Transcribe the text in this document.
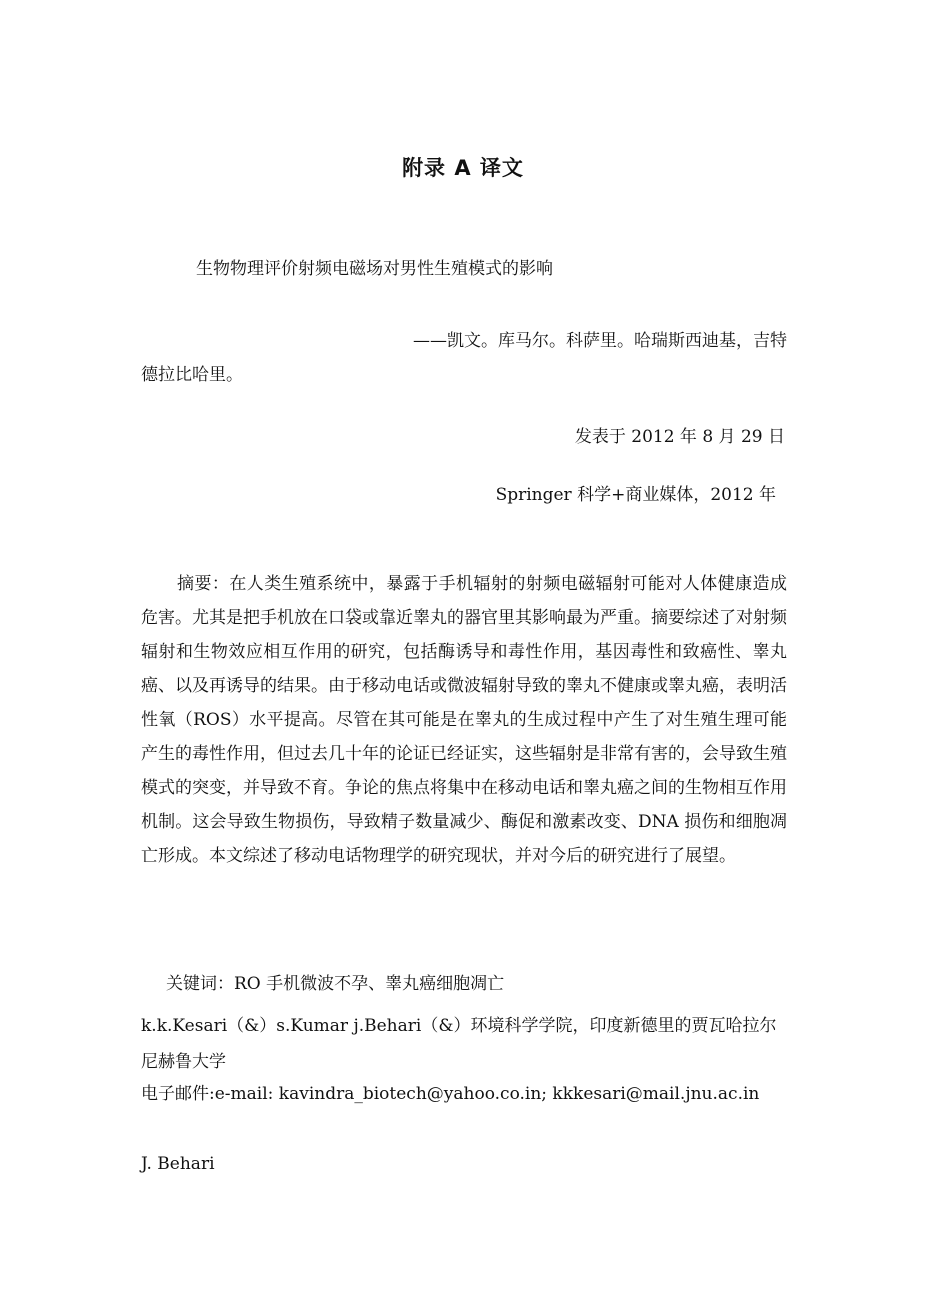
附录 A 译文
生物物理评价射频电磁场对男性生殖模式的影响
——凯文。库马尔。科萨里。哈瑞斯西迪基，吉特
德拉比哈里。
发表于 2012 年 8 月 29 日
Springer 科学+商业媒体，2012 年

摘要：在人类生殖系统中，暴露于手机辐射的射频电磁辐射可能对人体健康造成危害。尤其是把手机放在口袋或靠近睾丸的器官里其影响最为严重。摘要综述了对射频辐射和生物效应相互作用的研究，包括酶诱导和毒性作用，基因毒性和致癌性、睾丸癌、以及再诱导的结果。由于移动电话或微波辐射导致的睾丸不健康或睾丸癌，表明活性氧（ROS）水平提高。尽管在其可能是在睾丸的生成过程中产生了对生殖生理可能产生的毒性作用，但过去几十年的论证已经证实，这些辐射是非常有害的，会导致生殖模式的突变，并导致不育。争论的焦点将集中在移动电话和睾丸癌之间的生物相互作用机制。这会导致生物损伤，导致精子数量减少、酶促和激素改变、DNA 损伤和细胞凋亡形成。本文综述了移动电话物理学的研究现状，并对今后的研究进行了展望。

关键词：RO 手机微波不孕、睾丸癌细胞凋亡

k.k.Kesari（&）s.Kumar j.Behari（&）环境科学学院，印度新德里的贾瓦哈拉尔尼赫鲁大学

电子邮件:e-mail: kavindra_biotech@yahoo.co.in; kkkesari@mail.jnu.ac.in
J. Behari
